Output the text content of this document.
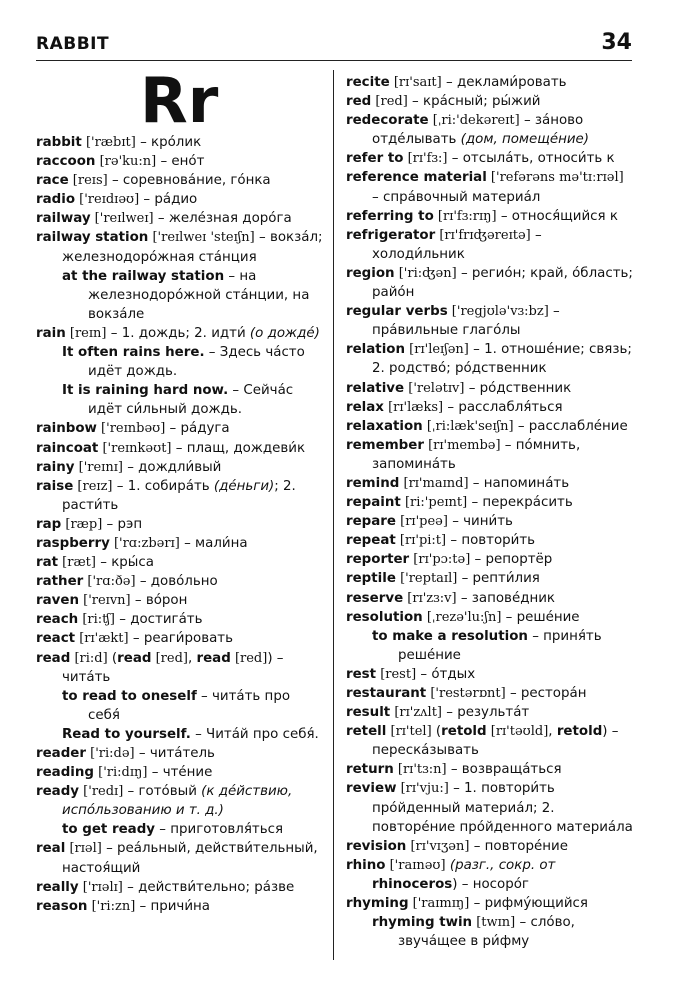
RABBIT	34
Rr

rabbit ['ræbɪt] – кро́лик

raccoon [rə'ku:n] – ено́т

race [reɪs] – соревнова́ние, го́нка

radio ['reɪdɪəʊ] – ра́дио

railway ['reɪlweɪ] – желе́зная доро́га

railway station ['reɪlweɪ 'steɪʃn] – вокза́л; железнодоро́жная ста́нция

at the railway station – на железнодоро́жной ста́нции, на вокза́ле

rain [reɪn] – 1. дождь; 2. идти́ (о дожде́)

It often rains here. – Здесь ча́сто идёт дождь.

It is raining hard now. – Сейча́с идёт си́льный дождь.

rainbow ['reɪnbəʊ] – ра́дуга

raincoat ['reɪnkəʊt] – плащ, дождеви́к

rainy ['reɪnɪ] – дождли́вый

raise [reɪz] – 1. собира́ть (де́ньги); 2. расти́ть

rap [ræp] – рэп

raspberry ['rɑ:zbərɪ] – мали́на

rat [ræt] – кры́са

rather ['rɑ:ðə] – дово́льно

raven ['reɪvn] – во́рон

reach [ri:ʧ] – достига́ть

react [rɪ'ækt] – реаги́ровать

read [ri:d] (read [red], read [red]) – чита́ть

to read to oneself – чита́ть про себя́

Read to yourself. – Чита́й про себя́.

reader ['ri:də] – чита́тель

reading ['ri:dɪŋ] – чте́ние

ready ['redɪ] – гото́вый (к де́йствию, испо́льзованию и т. д.)

to get ready – приготовля́ться

real [rɪəl] – реа́льный, действи́тельный, настоя́щий

really ['rɪəlɪ] – действи́тельно; ра́зве

reason ['ri:zn] – причи́на

recite [rɪ'saɪt] – деклами́ровать

red [red] – кра́сный; ры́жий

redecorate [ˌri:'dekəreɪt] – за́ново отде́лывать (дом, помеще́ние)

refer to [rɪ'fɜ:] – отсыла́ть, относи́ть к

reference material ['refərəns mə'tɪːrɪəl] – спра́вочный материа́л

referring to [rɪ'fɜ:rɪŋ] – относя́щийся к

refrigerator [rɪ'frɪʤəreɪtə] – холоди́льник

region ['ri:ʤən] – регио́н; край, о́бласть; райо́н

regular verbs ['regjʊlə'vɜ:bz] – пра́вильные глаго́лы

relation [rɪ'leɪʃən] – 1. отноше́ние; связь; 2. родство́; ро́дственник

relative ['relətɪv] – ро́дственник

relax [rɪ'læks] – расслабля́ться

relaxation [ˌri:læk'seɪʃn] – расслабле́ние

remember [rɪ'membə] – по́мнить, запомина́ть

remind [rɪ'maɪnd] – напомина́ть

repaint [ri:'peɪnt] – перекра́сить

repare [rɪ'peə] – чини́ть

repeat [rɪ'pi:t] – повтори́ть

reporter [rɪ'pɔ:tə] – репортёр

reptile ['reptaɪl] – репти́лия

reserve [rɪ'zɜ:v] – запове́дник

resolution [ˌrezə'lu:ʃn] – реше́ние

to make a resolution – приня́ть реше́ние

rest [rest] – о́тдых

restaurant ['restərɒnt] – рестора́н

result [rɪ'zʌlt] – результа́т

retell [rɪ'tel] (retold [rɪ'təʊld], retold) – переска́зывать

return [rɪ'tɜ:n] – возвраща́ться

review [rɪ'vju:] – 1. повтори́ть про́йденный материа́л; 2. повторе́ние про́йденного материа́ла

revision [rɪ'vɪʒən] – повторе́ние

rhino ['raɪnəʊ] (разг., сокр. от rhinoceros) – носоро́г

rhyming ['raɪmɪŋ] – рифму́ющийся

rhyming twin [twɪn] – сло́во, звуча́щее в ри́фму
